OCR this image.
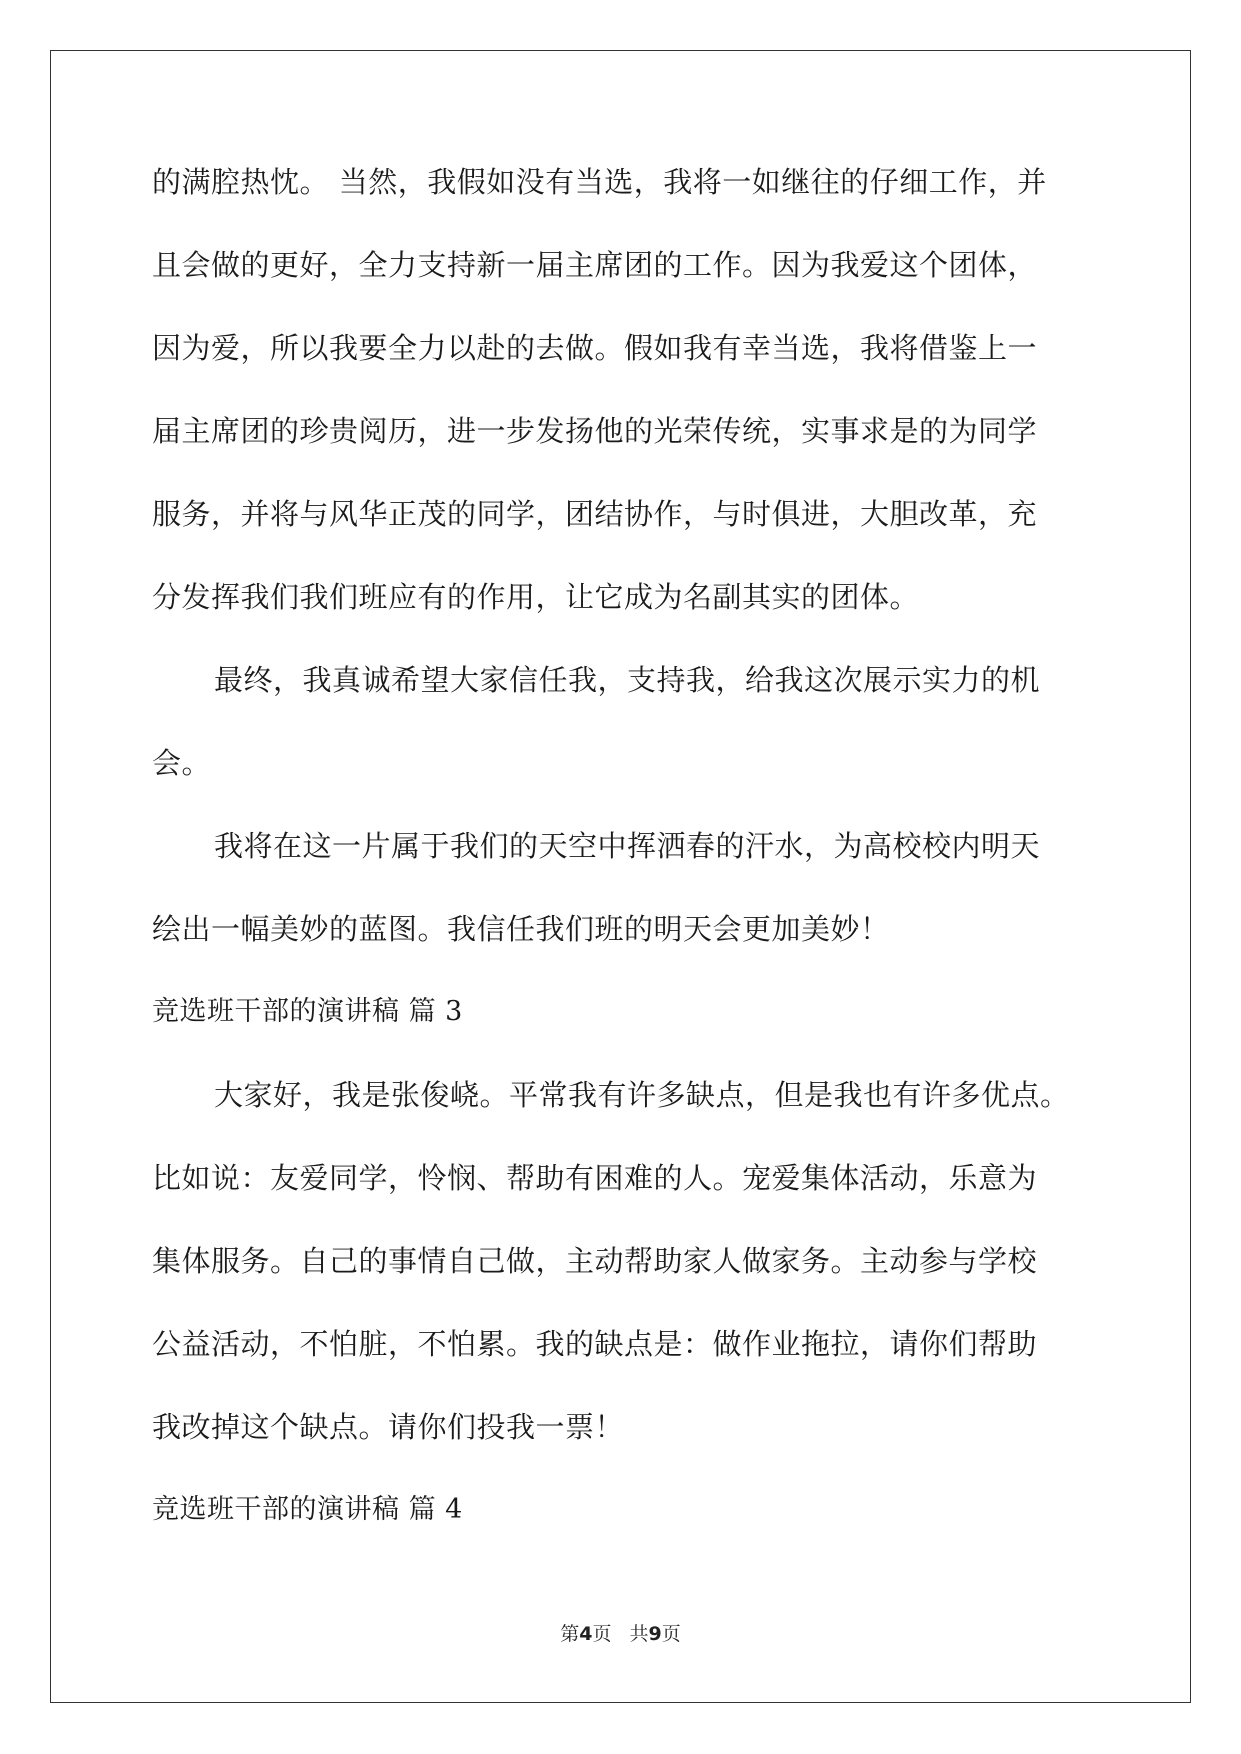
的满腔热忱。 当然，我假如没有当选，我将一如继往的仔细工作，并
且会做的更好，全力支持新一届主席团的工作。因为我爱这个团体，
因为爱，所以我要全力以赴的去做。假如我有幸当选，我将借鉴上一
届主席团的珍贵阅历，进一步发扬他的光荣传统，实事求是的为同学
服务，并将与风华正茂的同学，团结协作，与时俱进，大胆改革，充
分发挥我们我们班应有的作用，让它成为名副其实的团体。
最终，我真诚希望大家信任我，支持我，给我这次展示实力的机
会。
我将在这一片属于我们的天空中挥洒春的汗水，为高校校内明天
绘出一幅美妙的蓝图。我信任我们班的明天会更加美妙！
竞选班干部的演讲稿 篇 3
大家好，我是张俊峣。平常我有许多缺点，但是我也有许多优点。
比如说：友爱同学，怜悯、帮助有困难的人。宠爱集体活动，乐意为
集体服务。自己的事情自己做，主动帮助家人做家务。主动参与学校
公益活动，不怕脏，不怕累。我的缺点是：做作业拖拉，请你们帮助
我改掉这个缺点。请你们投我一票！
竞选班干部的演讲稿 篇 4
第4页 共9页
